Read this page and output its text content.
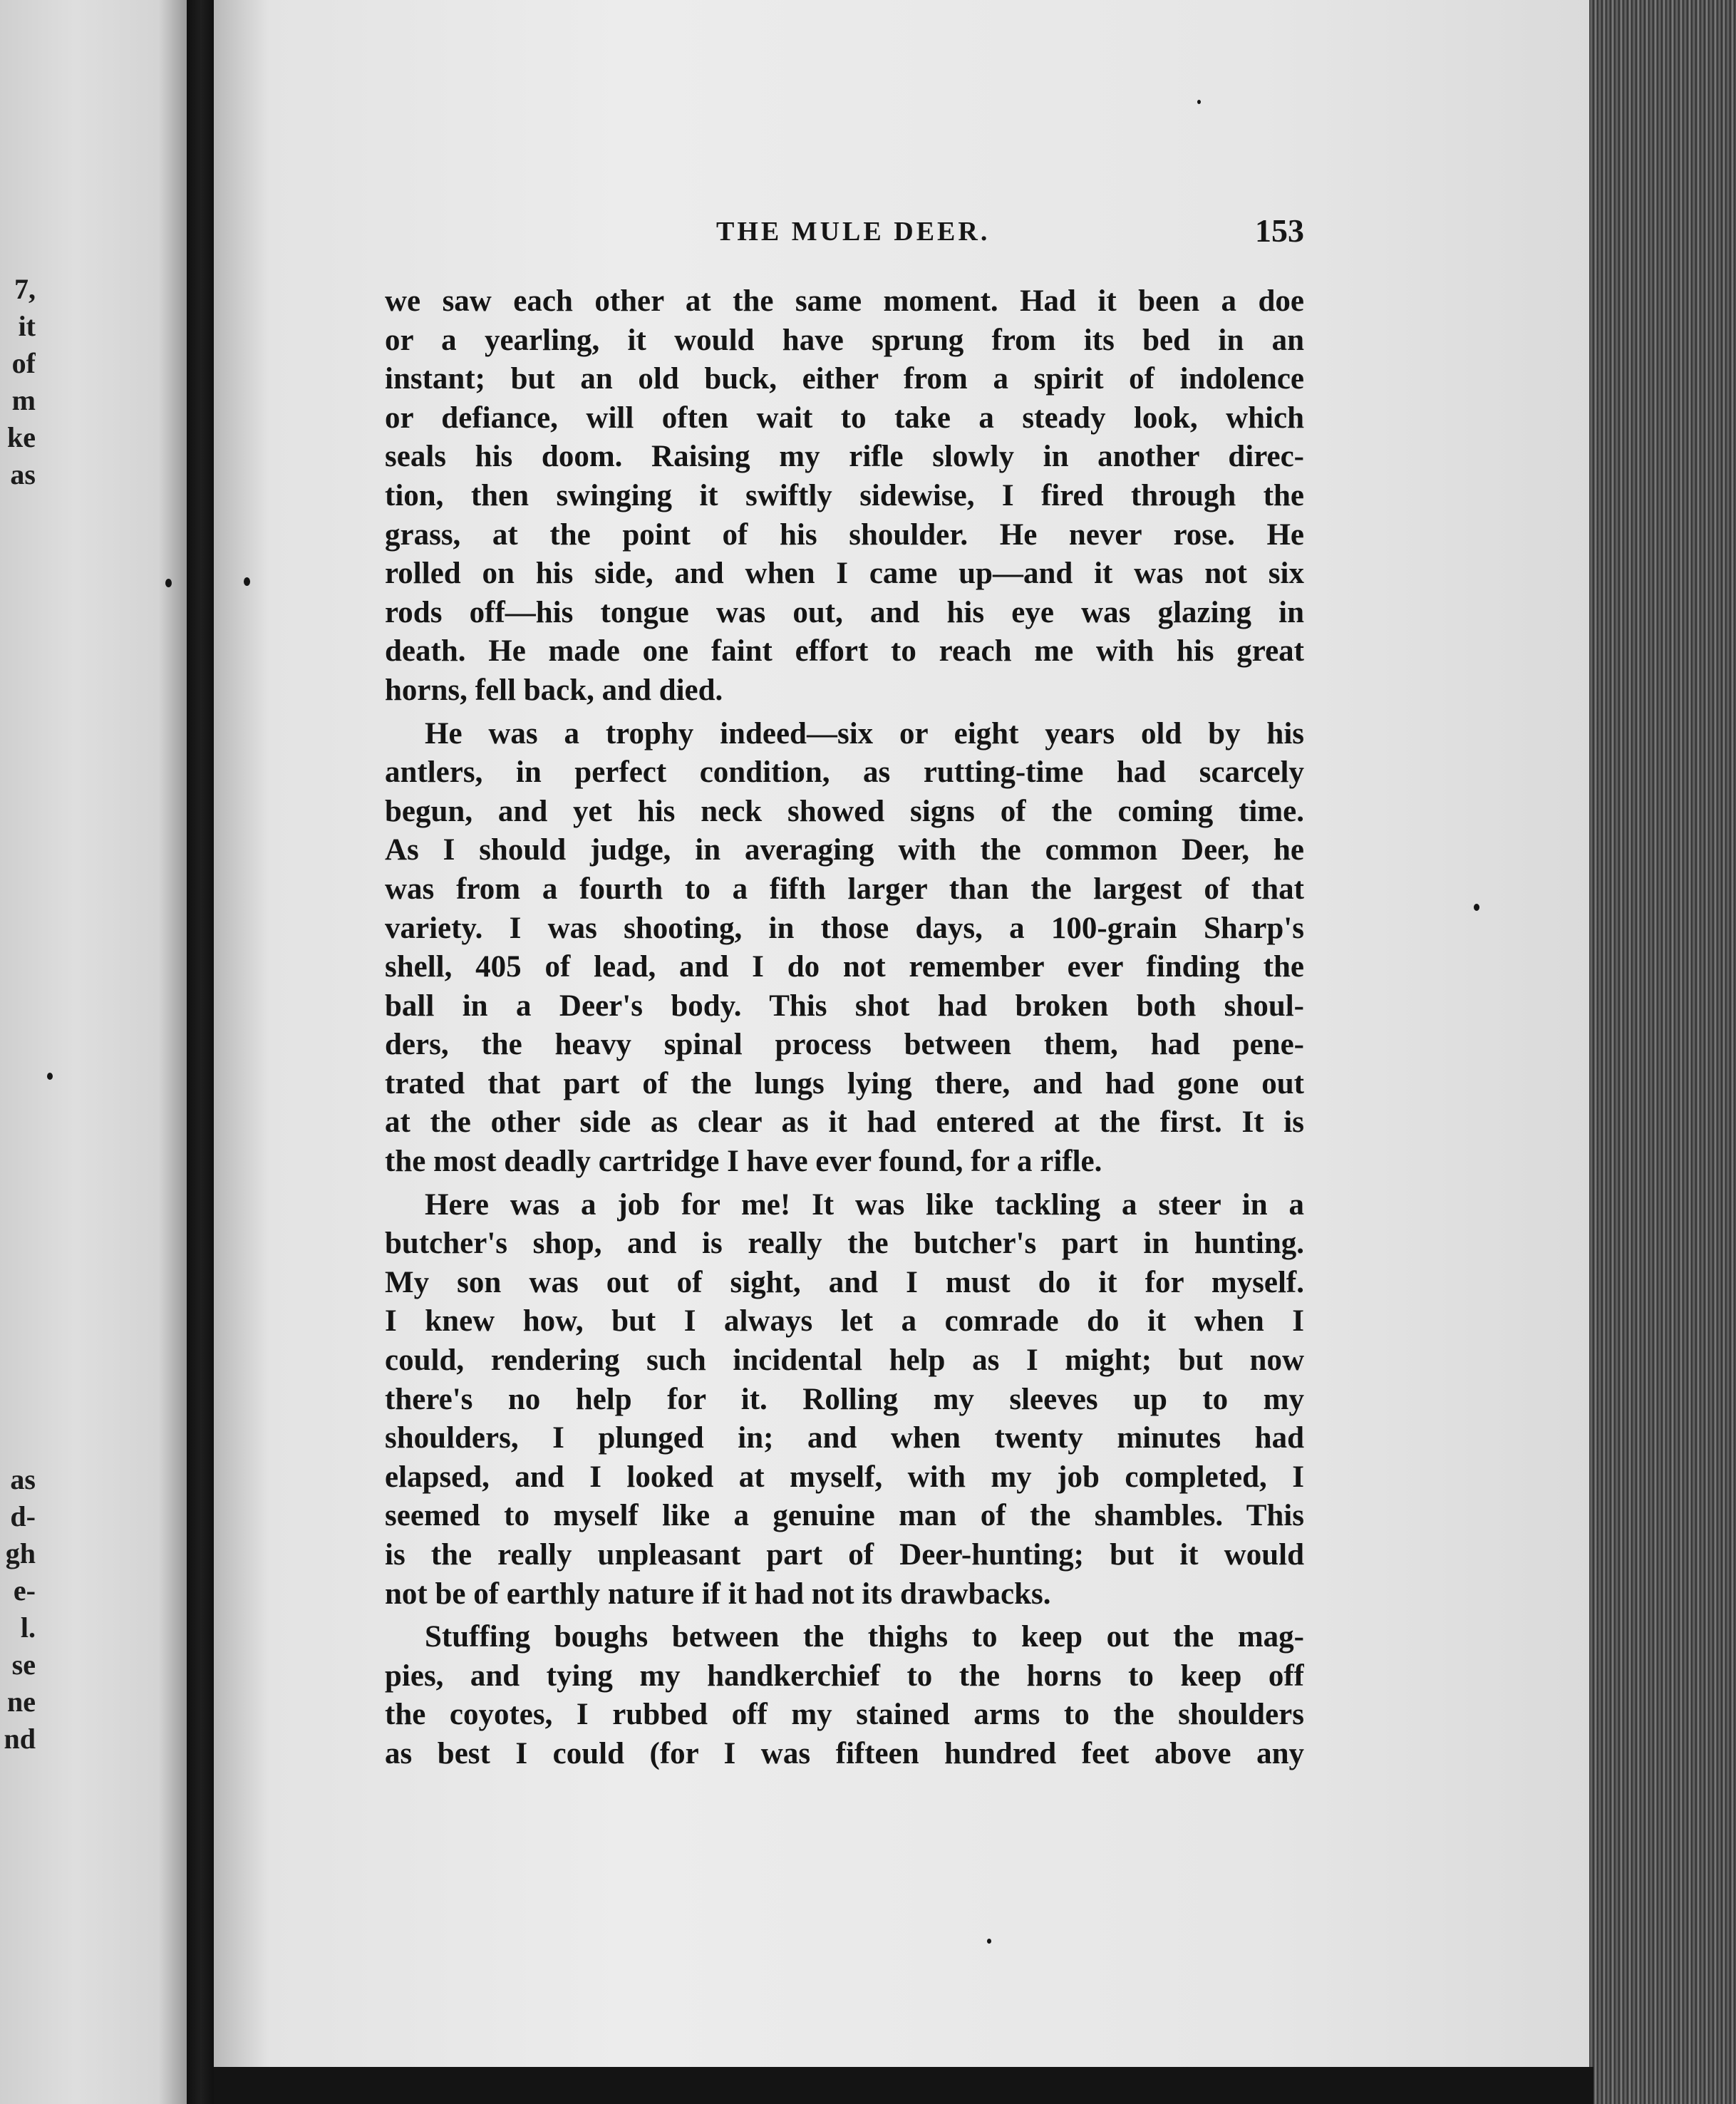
7,
it
of
m
ke
as
as
d-
gh
e-
l.
se
ne
nd
THE MULE DEER.	153
we saw each other at the same moment. Had it been a doe
or a yearling, it would have sprung from its bed in an
instant; but an old buck, either from a spirit of indolence
or defiance, will often wait to take a steady look, which
seals his doom. Raising my rifle slowly in another direc-
tion, then swinging it swiftly sidewise, I fired through the
grass, at the point of his shoulder. He never rose. He
rolled on his side, and when I came up—and it was not six
rods off—his tongue was out, and his eye was glazing in
death. He made one faint effort to reach me with his great
horns, fell back, and died.
He was a trophy indeed—six or eight years old by his
antlers, in perfect condition, as rutting-time had scarcely
begun, and yet his neck showed signs of the coming time.
As I should judge, in averaging with the common Deer, he
was from a fourth to a fifth larger than the largest of that
variety. I was shooting, in those days, a 100-grain Sharp's
shell, 405 of lead, and I do not remember ever finding the
ball in a Deer's body. This shot had broken both shoul-
ders, the heavy spinal process between them, had pene-
trated that part of the lungs lying there, and had gone out
at the other side as clear as it had entered at the first. It is
the most deadly cartridge I have ever found, for a rifle.
Here was a job for me! It was like tackling a steer in a
butcher's shop, and is really the butcher's part in hunting.
My son was out of sight, and I must do it for myself.
I knew how, but I always let a comrade do it when I
could, rendering such incidental help as I might; but now
there's no help for it. Rolling my sleeves up to my
shoulders, I plunged in; and when twenty minutes had
elapsed, and I looked at myself, with my job completed, I
seemed to myself like a genuine man of the shambles. This
is the really unpleasant part of Deer-hunting; but it would
not be of earthly nature if it had not its drawbacks.
Stuffing boughs between the thighs to keep out the mag-
pies, and tying my handkerchief to the horns to keep off
the coyotes, I rubbed off my stained arms to the shoulders
as best I could (for I was fifteen hundred feet above any
